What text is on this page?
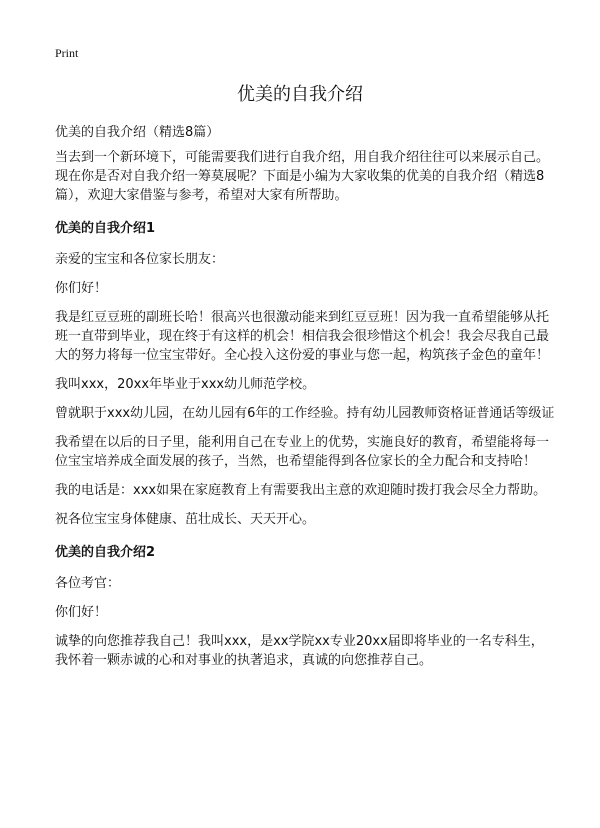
Print
优美的自我介绍

优美的自我介绍（精选8篇）

当去到一个新环境下，可能需要我们进行自我介绍，用自我介绍往往可以来展示自己。现在你是否对自我介绍一筹莫展呢？下面是小编为大家收集的优美的自我介绍（精选8篇），欢迎大家借鉴与参考，希望对大家有所帮助。

优美的自我介绍1

亲爱的宝宝和各位家长朋友：

你们好！

我是红豆豆班的副班长哈！很高兴也很激动能来到红豆豆班！因为我一直希望能够从托班一直带到毕业，现在终于有这样的机会！相信我会很珍惜这个机会！我会尽我自己最大的努力将每一位宝宝带好。全心投入这份爱的事业与您一起，构筑孩子金色的童年！

我叫xxx，20xx年毕业于xxx幼儿师范学校。

曾就职于xxx幼儿园，在幼儿园有6年的工作经验。持有幼儿园教师资格证普通话等级证

我希望在以后的日子里，能利用自己在专业上的优势，实施良好的教育，希望能将每一位宝宝培养成全面发展的孩子，当然，也希望能得到各位家长的全力配合和支持哈！

我的电话是：xxx如果在家庭教育上有需要我出主意的欢迎随时拨打我会尽全力帮助。

祝各位宝宝身体健康、茁壮成长、天天开心。

优美的自我介绍2

各位考官：

你们好！

诚挚的向您推荐我自己！我叫xxx，是xx学院xx专业20xx届即将毕业的一名专科生，我怀着一颗赤诚的心和对事业的执著追求，真诚的向您推荐自己。
